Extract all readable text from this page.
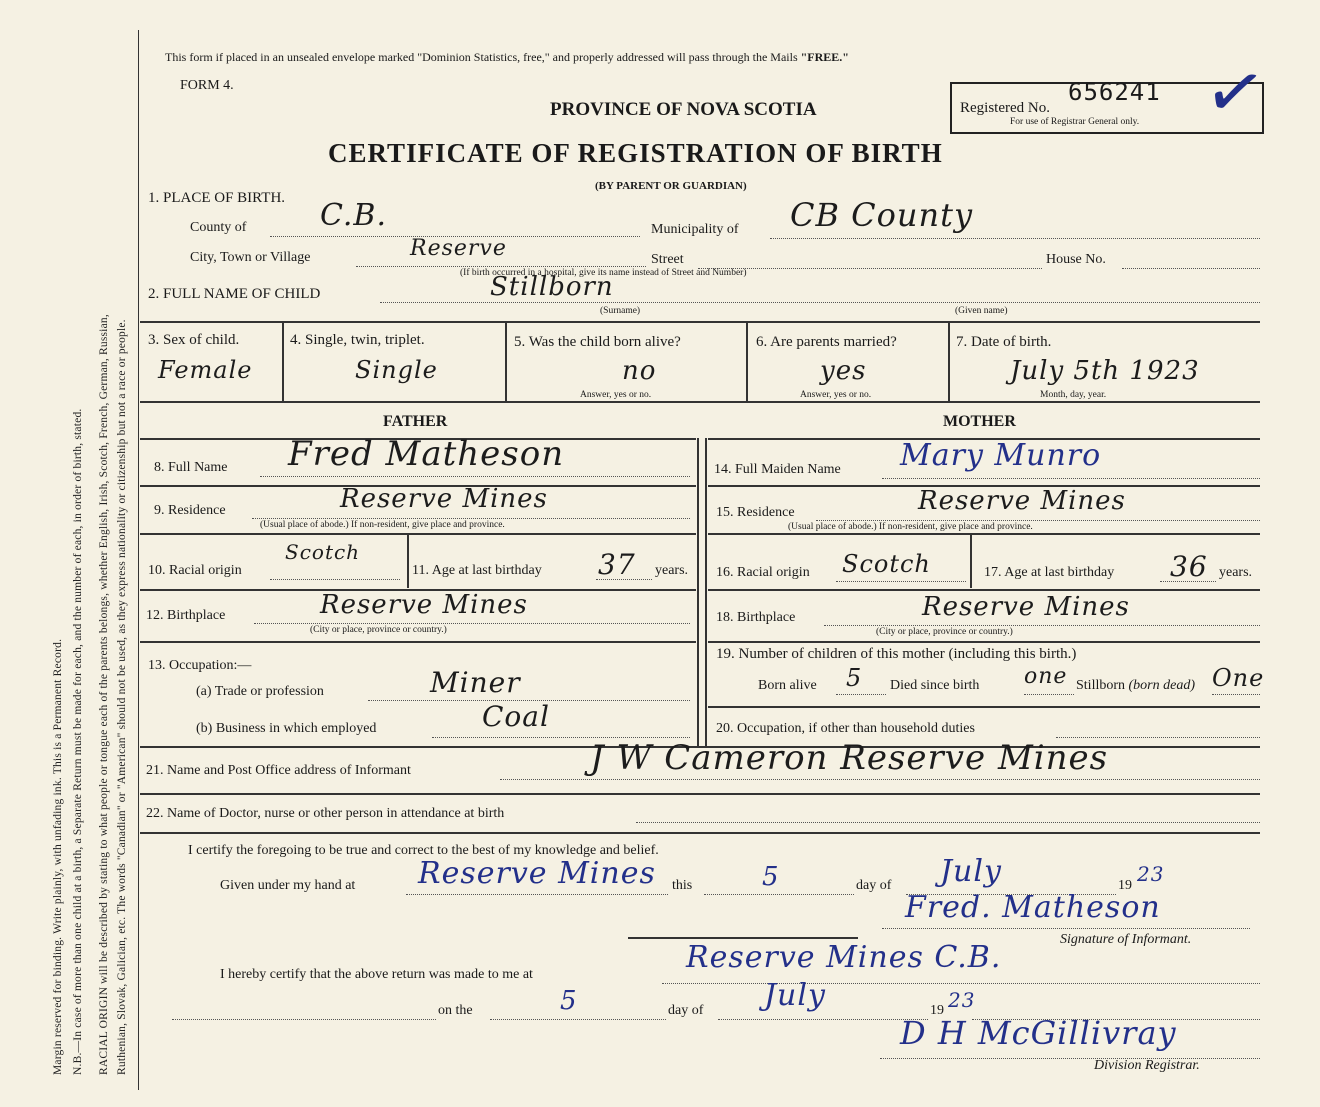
Margin reserved for binding. Write plainly, with unfading ink. This is a Permanent Record. N.B.—In case of more than one child at a birth, a Separate Return must be made for each, and the number of each, in order of birth, stated. RACIAL ORIGIN will be described by stating to what people or tongue each of the parents belongs, whether English, Irish, Scotch, French, German, Russian, Ruthenian, Slovak, Galician, etc. The words "Canadian" or "American" should not be used, as they express nationality or citizenship but not a race or people.
This form if placed in an unsealed envelope marked "Dominion Statistics, free," and properly addressed will pass through the Mails "FREE."
FORM 4.
PROVINCE OF NOVA SCOTIA
CERTIFICATE OF REGISTRATION OF BIRTH
(BY PARENT OR GUARDIAN)
Registered No.
656241
For use of Registrar General only. ✓
1. PLACE OF BIRTH.
County of C.B.	Municipality of CB County
City, Town or Village	Reserve	Street	House No.
(If birth occurred in a hospital, give its name instead of Street and Number)
2. FULL NAME OF CHILD	Stillborn
(Surname)	(Given name)
3. Sex of child.
Female
4. Single, twin, triplet.
Single
5. Was the child born alive?
no
Answer, yes or no.
6. Are parents married?
yes
Answer, yes or no.
7. Date of birth.
July 5th 1923
Month, day, year.
FATHER	MOTHER
8. Full Name Fred Matheson
9. Residence	Reserve Mines
(Usual place of abode.) If non-resident, give place and province.
10. Racial origin
Scotch
11. Age at last birthday 37 years.
12. Birthplace	Reserve Mines
(City or place, province or country.)
13. Occupation:—
(a) Trade or profession	Miner
(b) Business in which employed	Coal
14. Full Maiden Name Mary Munro
15. Residence	Reserve Mines
(Usual place of abode.) If non-resident, give place and province.
16. Racial origin Scotch	17. Age at last birthday 36 years.
18. Birthplace	Reserve Mines
(City or place, province or country.)
19. Number of children of this mother (including this birth.)
Born alive 5 Died since birth one Stillborn (born dead) One
20. Occupation, if other than household duties
21. Name and Post Office address of Informant	J W Cameron Reserve Mines
22. Name of Doctor, nurse or other person in attendance at birth
I certify the foregoing to be true and correct to the best of my knowledge and belief.
Given under my hand at Reserve Mines this	5	day of July	19 23
Fred. Matheson
Signature of Informant.
I hereby certify that the above return was made to me at	Reserve Mines C.B.
on the	5	day of July	19 23
D H McGillivray
Division Registrar.
